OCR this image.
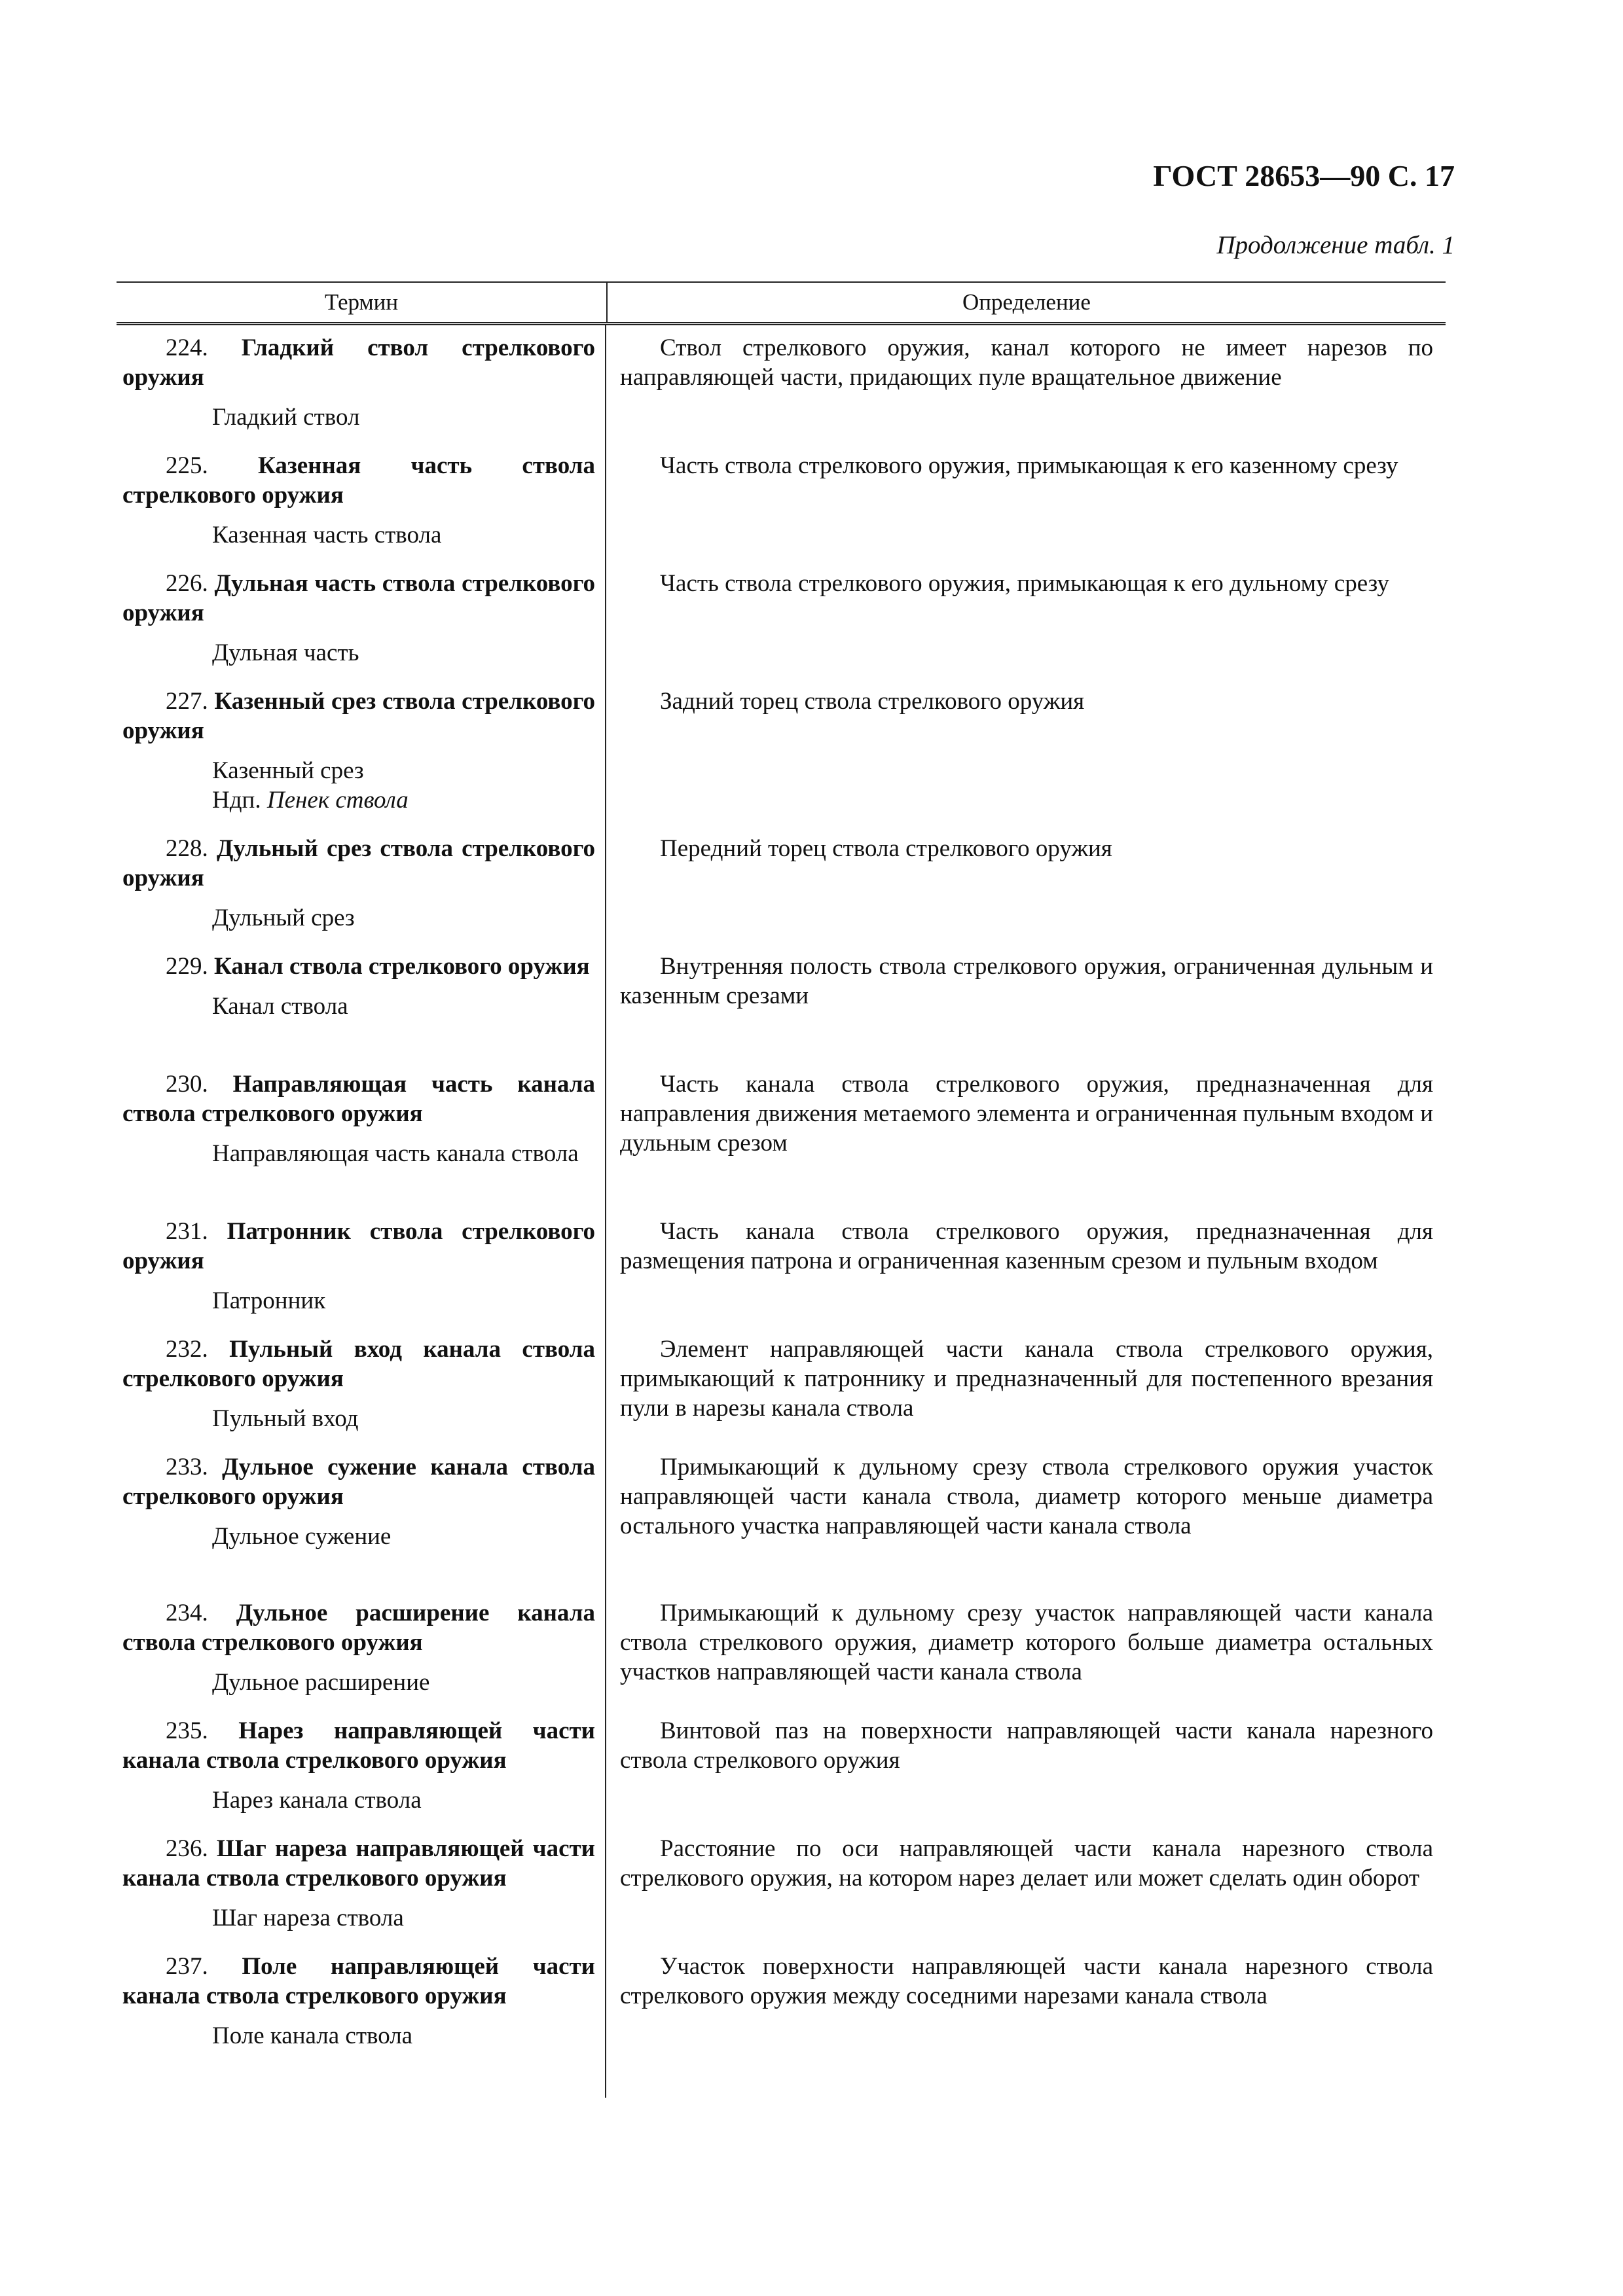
ГОСТ 28653—90 С. 17
Продолжение табл. 1
Термин	Определение
224. Гладкий ствол стрелкового оружия
Гладкий ствол
Ствол стрелкового оружия, канал которого не имеет нарезов по направляющей части, придающих пуле вращательное движение
225. Казенная часть ствола стрелкового оружия
Казенная часть ствола
Часть ствола стрелкового оружия, примыкающая к его казенному срезу
226. Дульная часть ствола стрелкового оружия
Дульная часть
Часть ствола стрелкового оружия, примыкающая к его дульному срезу
227. Казенный срез ствола стрелкового оружия
Казенный срез
Ндп. Пенек ствола
Задний торец ствола стрелкового оружия
228. Дульный срез ствола стрелкового оружия
Дульный срез
Передний торец ствола стрелкового оружия
229. Канал ствола стрелкового оружия
Канал ствола
Внутренняя полость ствола стрелкового оружия, ограниченная дульным и казенным срезами
230. Направляющая часть канала ствола стрелкового оружия
Направляющая часть канала ствола
Часть канала ствола стрелкового оружия, предназначенная для направления движения метаемого элемента и ограниченная пульным входом и дульным срезом
231. Патронник ствола стрелкового оружия
Патронник
Часть канала ствола стрелкового оружия, предназначенная для размещения патрона и ограниченная казенным срезом и пульным входом
232. Пульный вход канала ствола стрелкового оружия
Пульный вход
Элемент направляющей части канала ствола стрелкового оружия, примыкающий к патроннику и предназначенный для постепенного врезания пули в нарезы канала ствола
233. Дульное сужение канала ствола стрелкового оружия
Дульное сужение
Примыкающий к дульному срезу ствола стрелкового оружия участок направляющей части канала ствола, диаметр которого меньше диаметра остального участка направляющей части канала ствола
234. Дульное расширение канала ствола стрелкового оружия
Дульное расширение
Примыкающий к дульному срезу участок направляющей части канала ствола стрелкового оружия, диаметр которого больше диаметра остальных участков направляющей части канала ствола
235. Нарез направляющей части канала ствола стрелкового оружия
Нарез канала ствола
Винтовой паз на поверхности направляющей части канала нарезного ствола стрелкового оружия
236. Шаг нареза направляющей части канала ствола стрелкового оружия
Шаг нареза ствола
Расстояние по оси направляющей части канала нарезного ствола стрелкового оружия, на котором нарез делает или может сделать один оборот
237. Поле направляющей части канала ствола стрелкового оружия
Поле канала ствола
Участок поверхности направляющей части канала нарезного ствола стрелкового оружия между соседними нарезами канала ствола
